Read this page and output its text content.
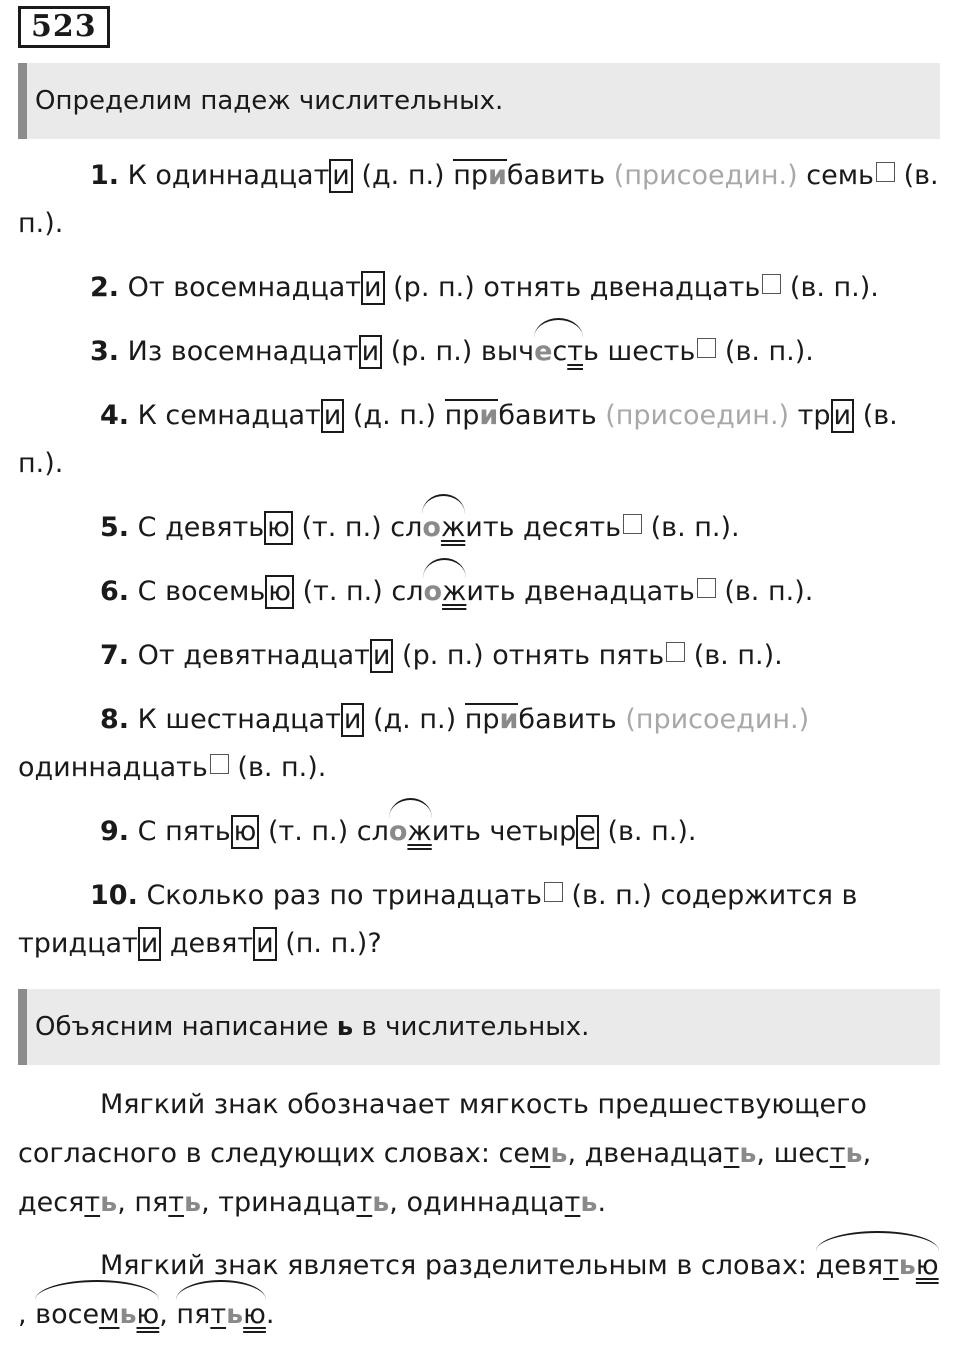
523
Определим падеж числительных.

1. К одиннадцат и (д. п.) прибавить (присоедин.) семь (в. п.).

2. От восемнадцат и (р. п.) отнять двенадцать (в. п.).

3. Из восемнадцат и (р. п.) вычесть шесть (в. п.).

4. К семнадцат и (д. п.) прибавить (присоедин.) тр и (в. п.).

5. С девять ю (т. п.) сложить десять (в. п.).

6. С восемь ю (т. п.) сложить двенадцать (в. п.).

7. От девятнадцат и (р. п.) отнять пять (в. п.).

8. К шестнадцат и (д. п.) прибавить (присоедин.) одиннадцать (в. п.).

9. С пять ю (т. п.) сложить четыр е (в. п.).

10. Сколько раз по тринадцать (в. п.) содержится в тридцат и девят и (п. п.)?

Объясним написание ь в числительных.

Мягкий знак обозначает мягкость предшествующего согласного в следующих словах: семь, двенадцать, шесть, десять, пять, тринадцать, одиннадцать.

Мягкий знак является разделительным в словах: девятью, восемью, пятью.
